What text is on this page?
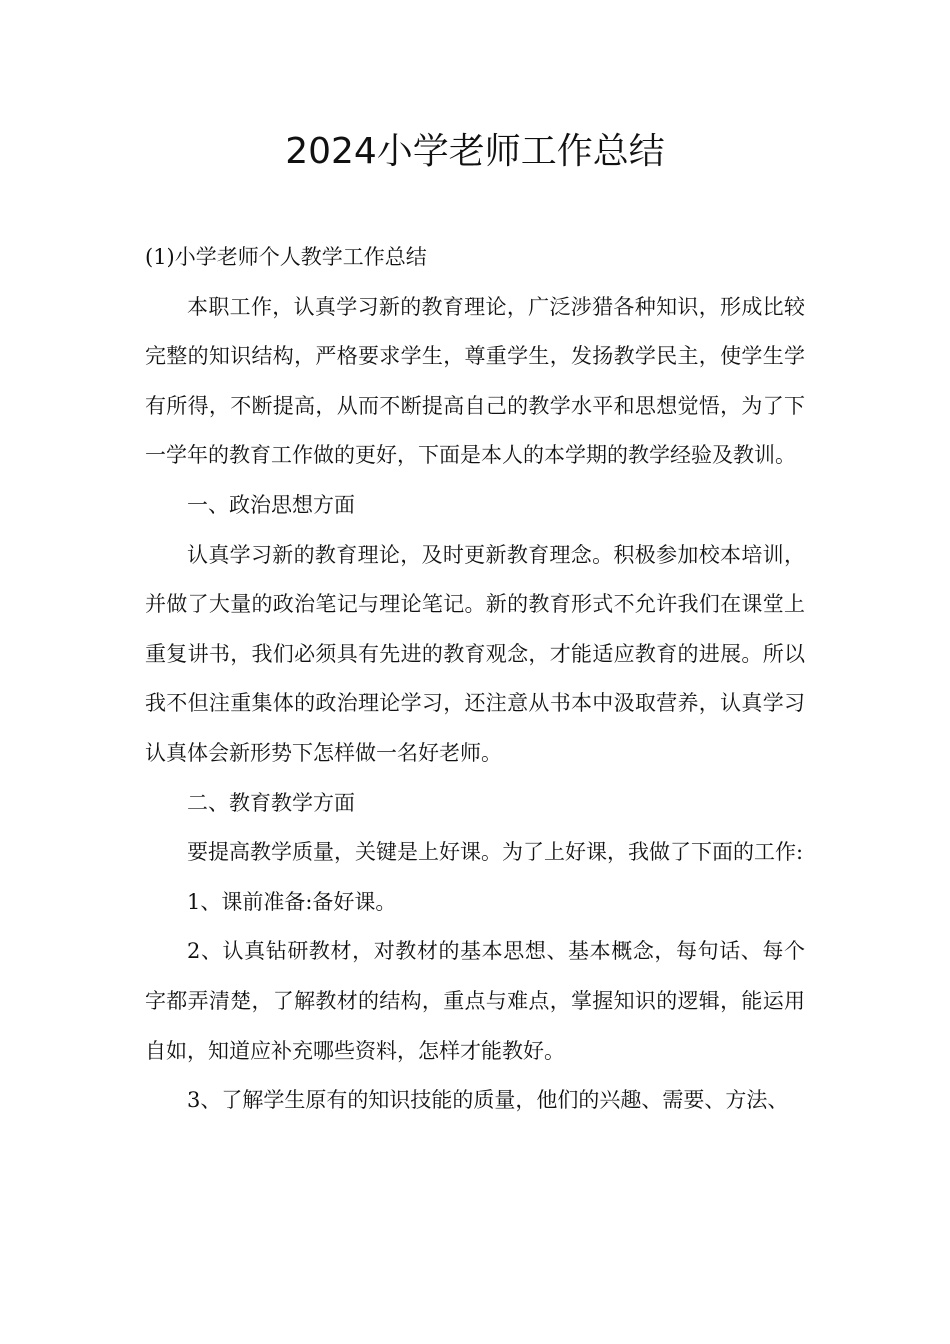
2024小学老师工作总结

(1)小学老师个人教学工作总结

本职工作，认真学习新的教育理论，广泛涉猎各种知识，形成比较完整的知识结构，严格要求学生，尊重学生，发扬教学民主，使学生学有所得，不断提高，从而不断提高自己的教学水平和思想觉悟，为了下一学年的教育工作做的更好，下面是本人的本学期的教学经验及教训。

一、政治思想方面

认真学习新的教育理论，及时更新教育理念。积极参加校本培训，并做了大量的政治笔记与理论笔记。新的教育形式不允许我们在课堂上重复讲书，我们必须具有先进的教育观念，才能适应教育的进展。所以我不但注重集体的政治理论学习，还注意从书本中汲取营养，认真学习认真体会新形势下怎样做一名好老师。

二、教育教学方面

要提高教学质量，关键是上好课。为了上好课，我做了下面的工作:

1、课前准备:备好课。

2、认真钻研教材，对教材的基本思想、基本概念，每句话、每个字都弄清楚，了解教材的结构，重点与难点，掌握知识的逻辑，能运用自如，知道应补充哪些资料，怎样才能教好。

3、了解学生原有的知识技能的质量，他们的兴趣、需要、方法、
